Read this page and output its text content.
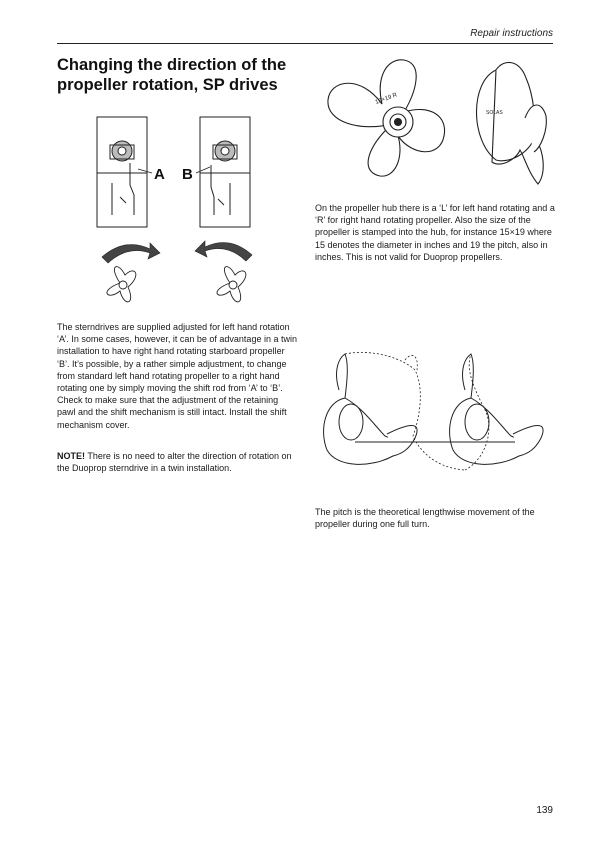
Repair instructions
Changing the direction of the propeller rotation, SP drives
A B
15×19 R
SOLAS

On the propeller hub there is a ‘L’ for left hand rotating and a ‘R’ for right hand rotating propeller. Also the size of the propeller is stamped into the hub, for instance 15×19 where 15 denotes the diameter in inches and 19 the pitch, also in inches. This is not valid for Duoprop propellers.

The sterndrives are supplied adjusted for left hand rotation ‘A’. In some cases, however, it can be of advantage in a twin installation to have right hand rotating starboard propeller ‘B’. It’s possible, by a rather simple adjustment, to change from standard left hand rotating propeller to a right hand rotating one by simply moving the shift rod from ‘A’ to ‘B’. Check to make sure that the adjustment of the retaining pawl and the shift mechanism is still intact. Install the shift mechanism cover.

NOTE! There is no need to alter the direction of rotation on the Duoprop sterndrive in a twin installation.

The pitch is the theoretical lengthwise movement of the propeller during one full turn.

139
